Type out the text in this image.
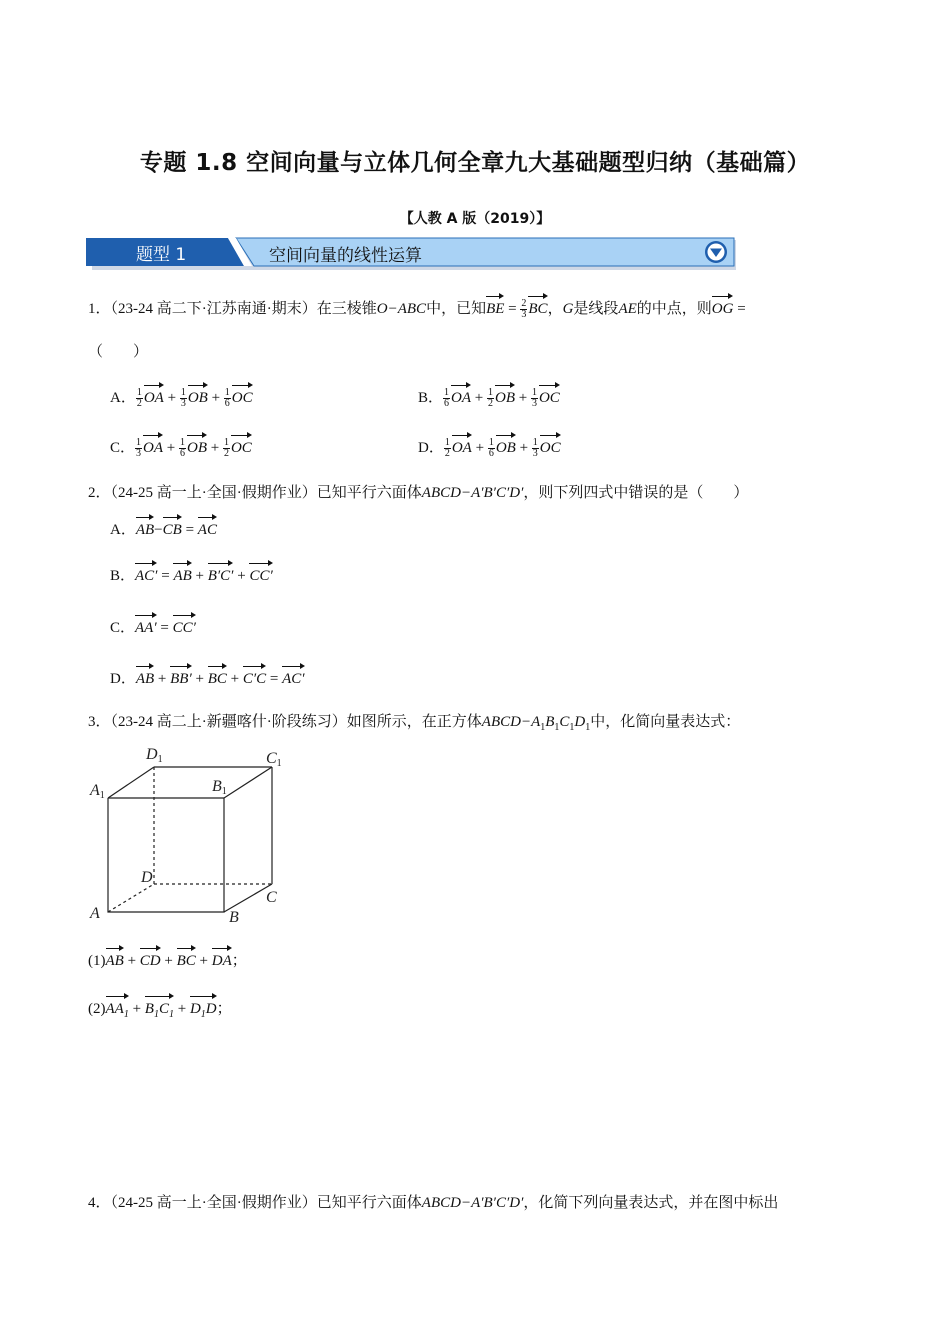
专题 1.8 空间向量与立体几何全章九大基础题型归纳（基础篇）
【人教 A 版（2019）】
题型 1	空间向量的线性运算
1．（23-24 高二下·江苏南通·期末）在三棱锥O−ABC中，已知BE = $\frac{2}{3}$ BC，G是线段AE的中点，则OG =
（　　）
A． $\frac{1}{2}$ OA + $\frac{1}{3}$ OB + $\frac{1}{6}$ OC	B． $\frac{1}{6}$ OA + $\frac{1}{2}$ OB + $\frac{1}{3}$ OC
C． $\frac{1}{3}$ OA + $\frac{1}{6}$ OB + $\frac{1}{2}$ OC	D． $\frac{1}{2}$ OA + $\frac{1}{6}$ OB + $\frac{1}{3}$ OC
2．（24-25 高一上·全国·假期作业）已知平行六面体ABCD−A′B′C′D′，则下列四式中错误的是（　　）
A．AB−CB = AC
B．AC′ = AB + B′C′ + CC′
C．AA′ = CC′
D．AB + BB′ + BC + C′C = AC′
3．（23-24 高二上·新疆喀什·阶段练习）如图所示，在正方体$ABCD-A_1B_1C_1D_1$中，化简向量表达式：
A	B
C
D
A1
B1
C1
D1
(1)AB + CD + BC + DA；
$(2)AA_1 + B_1C_1 + D_1D$；
4．（24-25 高一上·全国·假期作业）已知平行六面体ABCD−A′B′C′D′，化简下列向量表达式，并在图中标出
